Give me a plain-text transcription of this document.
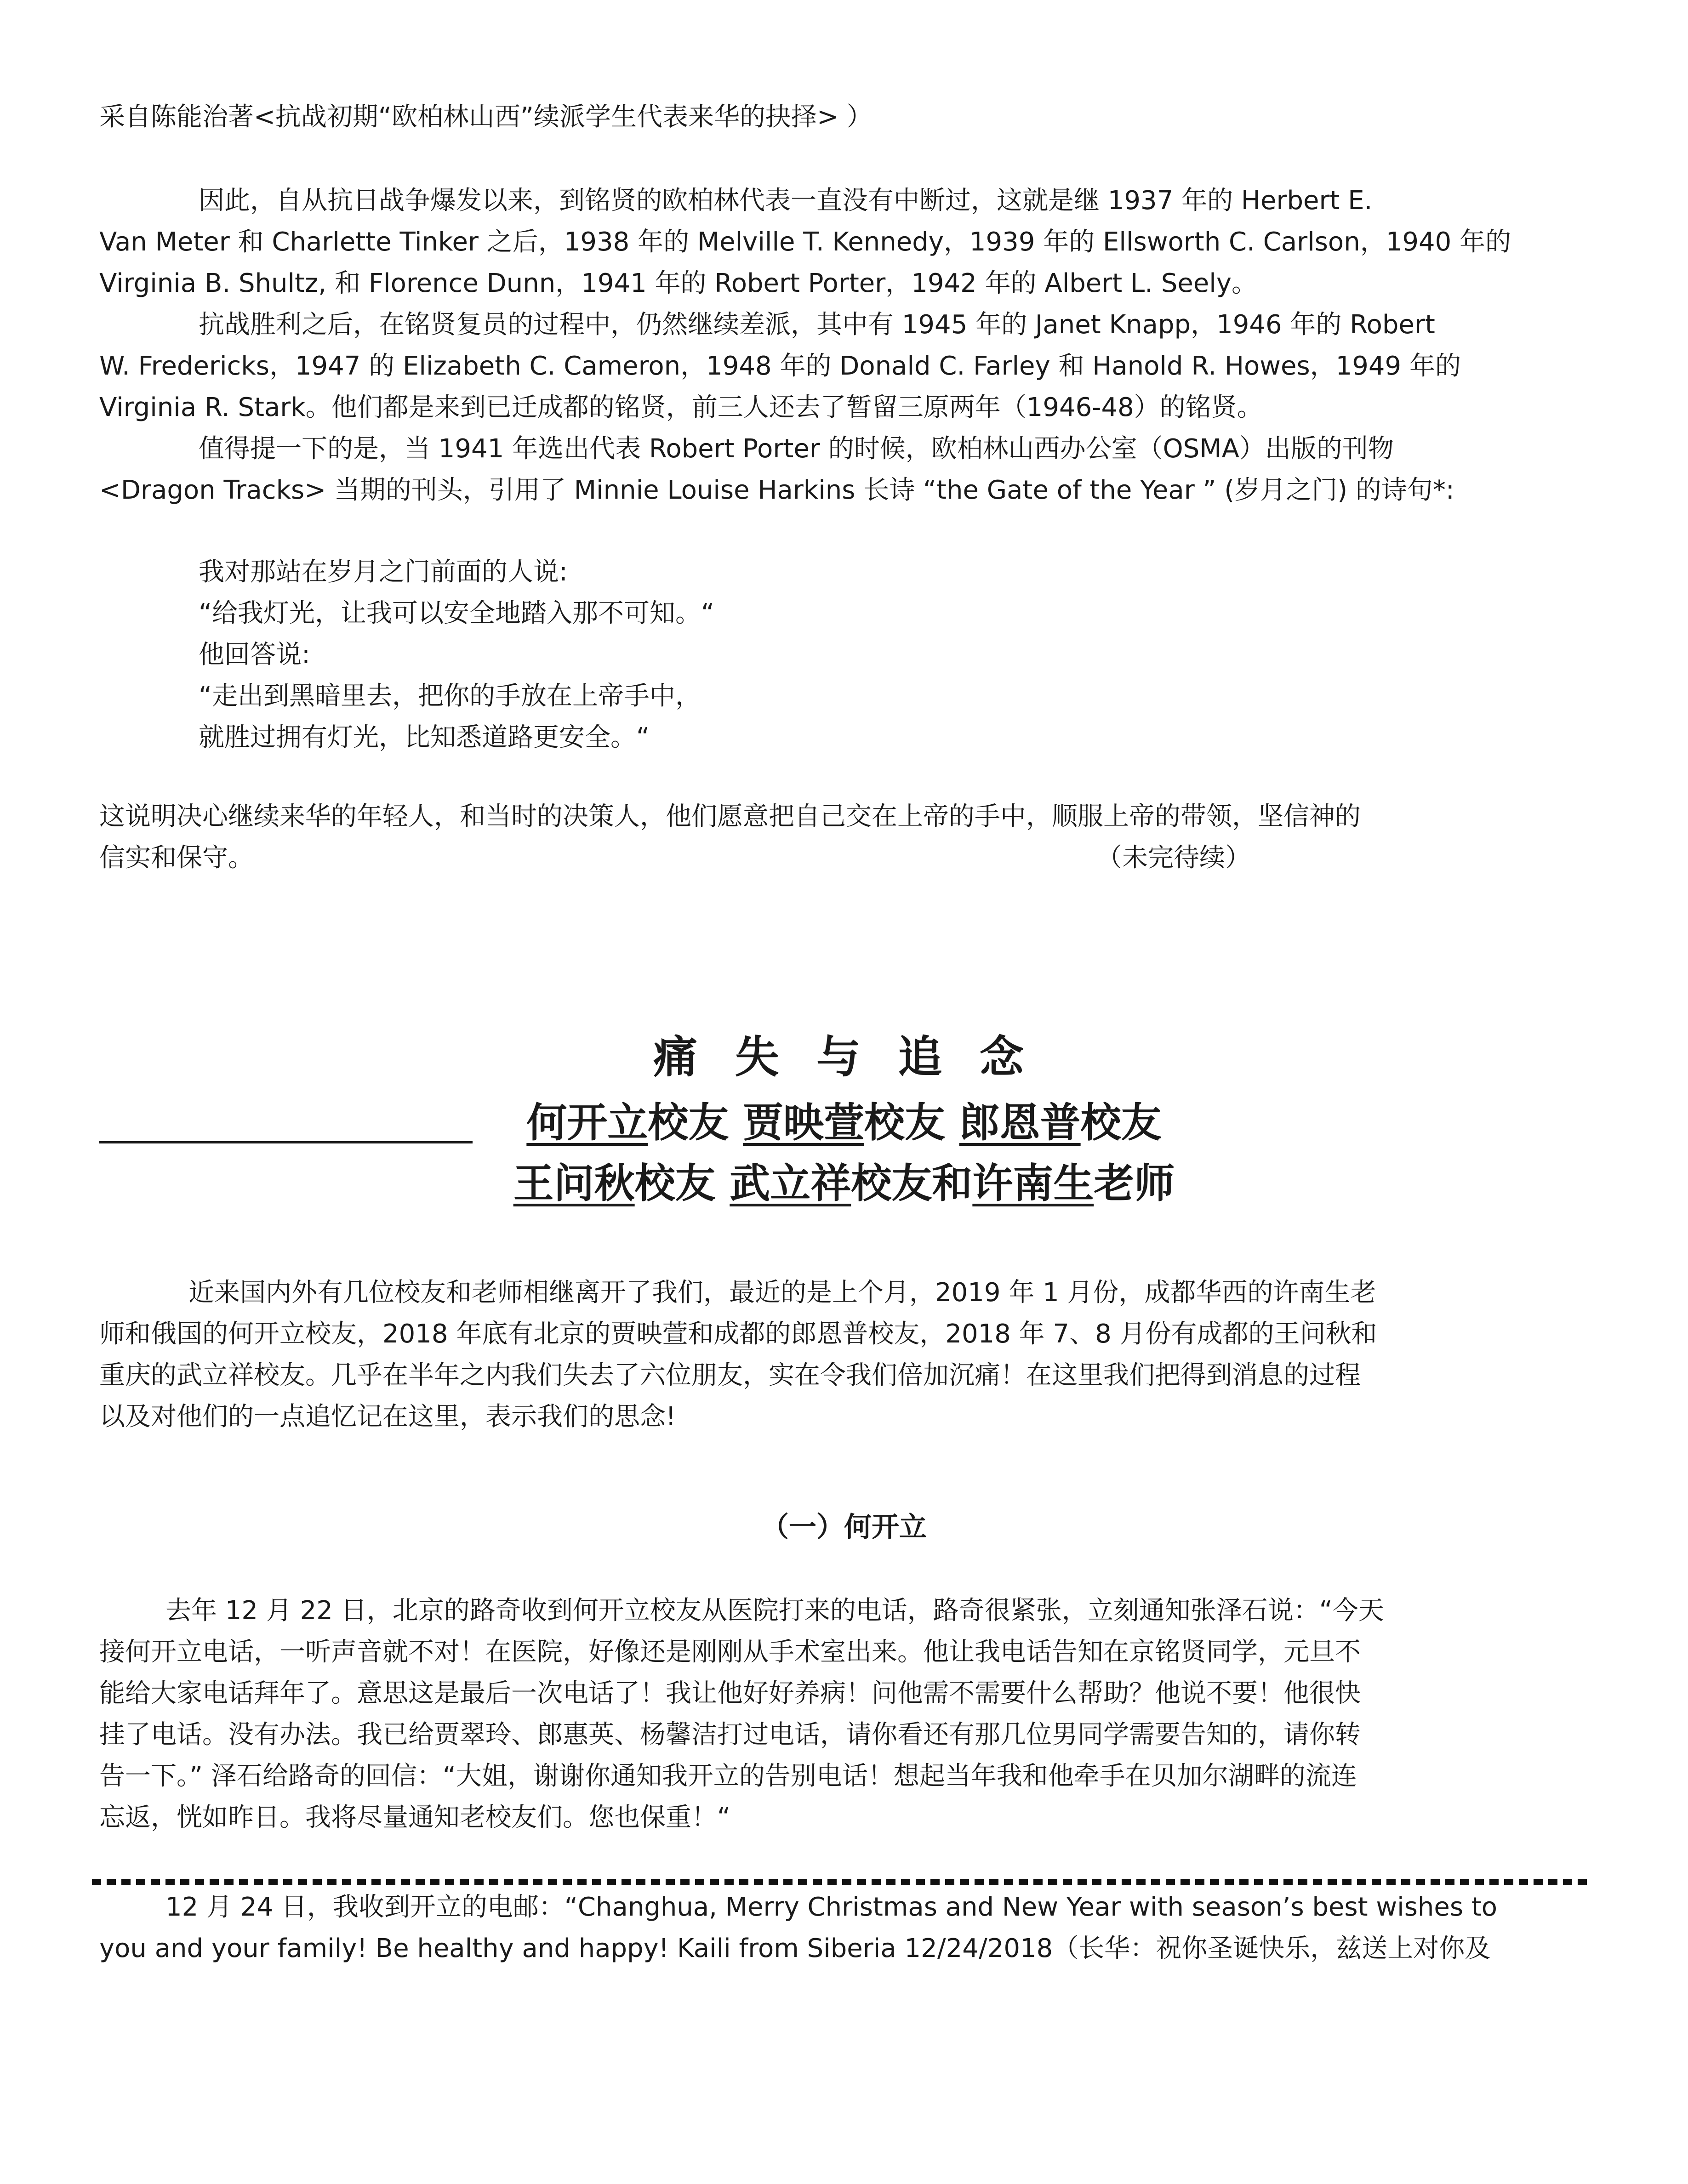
采自陈能治著<抗战初期“欧柏林山西”续派学生代表来华的抉择> ）
因此，自从抗日战争爆发以来，到铭贤的欧柏林代表一直没有中断过，这就是继 1937 年的 Herbert E.
Van Meter 和 Charlette Tinker 之后，1938 年的 Melville T. Kennedy，1939 年的 Ellsworth C. Carlson，1940 年的
Virginia B. Shultz, 和 Florence Dunn，1941 年的 Robert Porter，1942 年的 Albert L. Seely。
抗战胜利之后，在铭贤复员的过程中，仍然继续差派，其中有 1945 年的 Janet Knapp，1946 年的 Robert
W. Fredericks，1947 的 Elizabeth C. Cameron，1948 年的 Donald C. Farley 和 Hanold R. Howes，1949 年的
Virginia R. Stark。他们都是来到已迁成都的铭贤，前三人还去了暂留三原两年（1946-48）的铭贤。
值得提一下的是，当 1941 年选出代表 Robert Porter 的时候，欧柏林山西办公室（OSMA）出版的刊物
<Dragon Tracks> 当期的刊头，引用了 Minnie Louise Harkins 长诗 “the Gate of the Year ” (岁月之门) 的诗句*:
我对那站在岁月之门前面的人说:
“给我灯光，让我可以安全地踏入那不可知。“
他回答说:
“走出到黑暗里去，把你的手放在上帝手中，
就胜过拥有灯光，比知悉道路更安全。“
这说明决心继续来华的年轻人，和当时的决策人，他们愿意把自己交在上帝的手中，顺服上帝的带领，坚信神的
信实和保守。	（未完待续）
痛 失 与 追 念
何开立校友 贾映萱校友 郎恩普校友
王问秋校友 武立祥校友和许南生老师
近来国内外有几位校友和老师相继离开了我们，最近的是上个月，2019 年 1 月份，成都华西的许南生老
师和俄国的何开立校友，2018 年底有北京的贾映萱和成都的郎恩普校友，2018 年 7、8 月份有成都的王问秋和
重庆的武立祥校友。几乎在半年之内我们失去了六位朋友，实在令我们倍加沉痛！在这里我们把得到消息的过程
以及对他们的一点追忆记在这里，表示我们的思念!
（一）何开立
去年 12 月 22 日，北京的路奇收到何开立校友从医院打来的电话，路奇很紧张，立刻通知张泽石说：“今天
接何开立电话，一听声音就不对！在医院，好像还是刚刚从手术室出来。他让我电话告知在京铭贤同学，元旦不
能给大家电话拜年了。意思这是最后一次电话了！我让他好好养病！问他需不需要什么帮助？他说不要！他很快
挂了电话。没有办法。我已给贾翠玲、郎惠英、杨馨洁打过电话，请你看还有那几位男同学需要告知的，请你转
告一下。” 泽石给路奇的回信：“大姐，谢谢你通知我开立的告别电话！想起当年我和他牵手在贝加尔湖畔的流连
忘返，恍如昨日。我将尽量通知老校友们。您也保重！“
12 月 24 日，我收到开立的电邮：“Changhua, Merry Christmas and New Year with season’s best wishes to
you and your family! Be healthy and happy! Kaili from Siberia 12/24/2018（长华：祝你圣诞快乐，兹送上对你及
